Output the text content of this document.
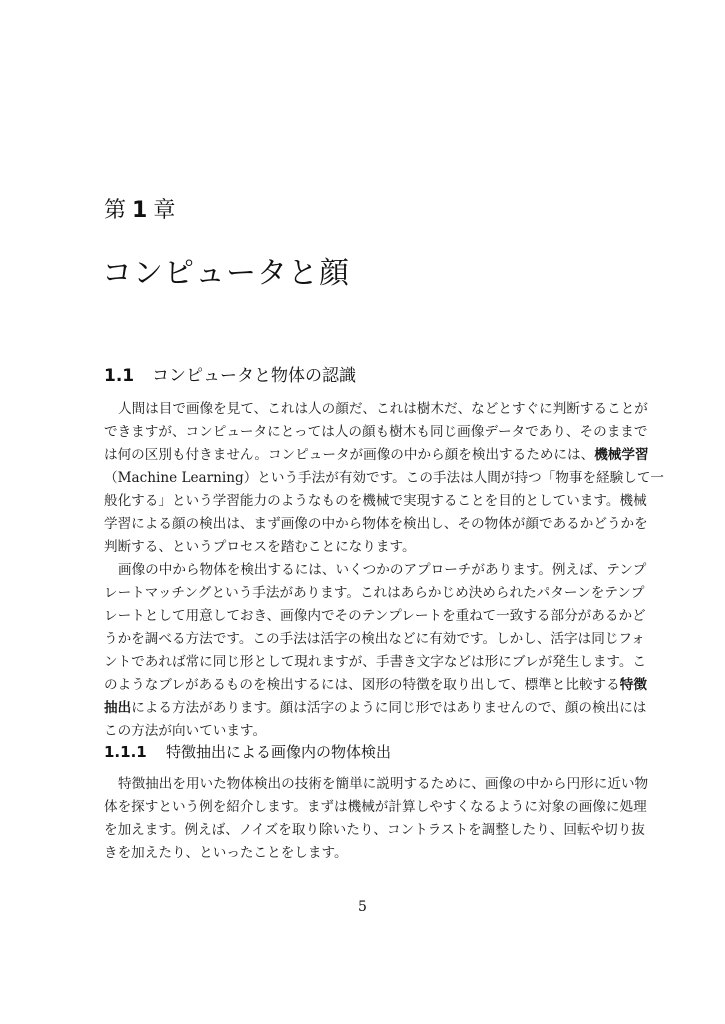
第 1 章
コンピュータと顔
1.1 コンピュータと物体の認識
人間は目で画像を見て、これは人の顔だ、これは樹木だ、などとすぐに判断することが
できますが、コンピュータにとっては人の顔も樹木も同じ画像データであり、そのままで
は何の区別も付きません。コンピュータが画像の中から顔を検出するためには、機械学習
（Machine Learning）という手法が有効です。この手法は人間が持つ「物事を経験して一
般化する」という学習能力のようなものを機械で実現することを目的としています。機械
学習による顔の検出は、まず画像の中から物体を検出し、その物体が顔であるかどうかを
判断する、というプロセスを踏むことになります。
画像の中から物体を検出するには、いくつかのアプローチがあります。例えば、テンプ
レートマッチングという手法があります。これはあらかじめ決められたパターンをテンプ
レートとして用意しておき、画像内でそのテンプレートを重ねて一致する部分があるかど
うかを調べる方法です。この手法は活字の検出などに有効です。しかし、活字は同じフォ
ントであれば常に同じ形として現れますが、手書き文字などは形にブレが発生します。こ
のようなブレがあるものを検出するには、図形の特徴を取り出して、標準と比較する特徴
抽出による方法があります。顔は活字のように同じ形ではありませんので、顔の検出には
この方法が向いています。
1.1.1 特徴抽出による画像内の物体検出
特徴抽出を用いた物体検出の技術を簡単に説明するために、画像の中から円形に近い物
体を探すという例を紹介します。まずは機械が計算しやすくなるように対象の画像に処理
を加えます。例えば、ノイズを取り除いたり、コントラストを調整したり、回転や切り抜
きを加えたり、といったことをします。
5
